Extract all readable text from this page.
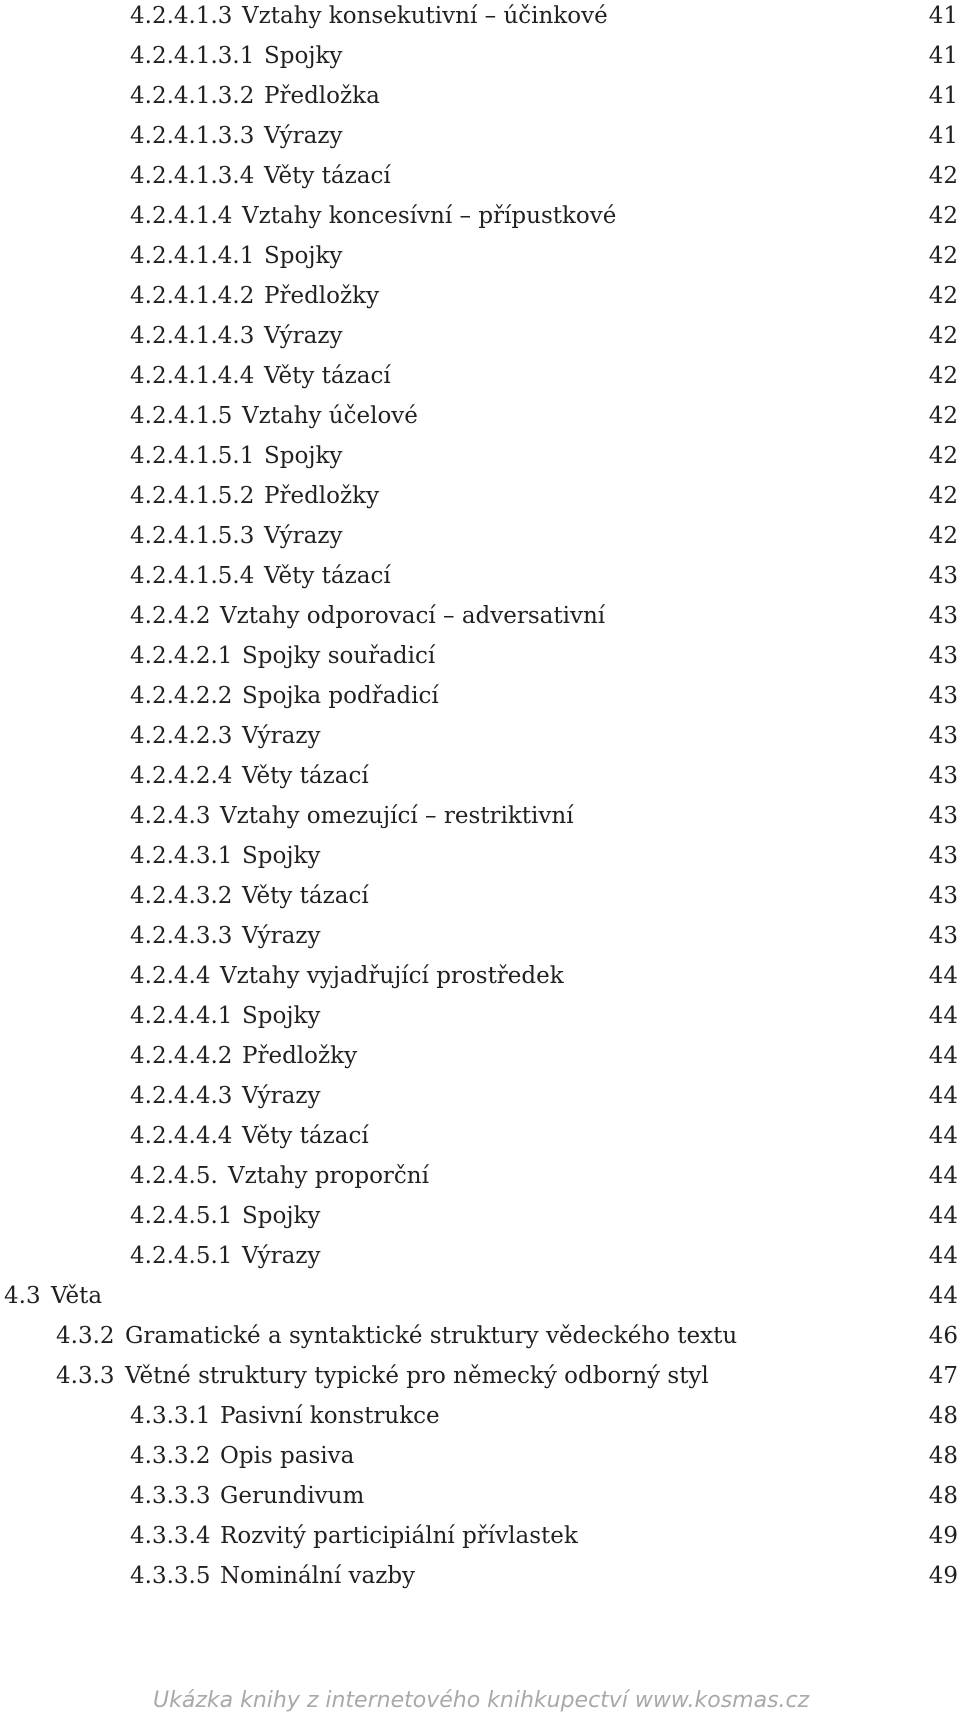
4.2.4.1.3 Vztahy konsekutivní – účinkové	41
4.2.4.1.3.1 Spojky	41
4.2.4.1.3.2 Předložka	41
4.2.4.1.3.3 Výrazy	41
4.2.4.1.3.4 Věty tázací	42
4.2.4.1.4 Vztahy koncesívní – přípustkové	42
4.2.4.1.4.1 Spojky	42
4.2.4.1.4.2 Předložky	42
4.2.4.1.4.3 Výrazy	42
4.2.4.1.4.4 Věty tázací	42
4.2.4.1.5 Vztahy účelové	42
4.2.4.1.5.1 Spojky	42
4.2.4.1.5.2 Předložky	42
4.2.4.1.5.3 Výrazy	42
4.2.4.1.5.4 Věty tázací	43
4.2.4.2 Vztahy odporovací – adversativní	43
4.2.4.2.1 Spojky souřadicí	43
4.2.4.2.2 Spojka podřadicí	43
4.2.4.2.3 Výrazy	43
4.2.4.2.4 Věty tázací	43
4.2.4.3 Vztahy omezující – restriktivní	43
4.2.4.3.1 Spojky	43
4.2.4.3.2 Věty tázací	43
4.2.4.3.3 Výrazy	43
4.2.4.4 Vztahy vyjadřující prostředek	44
4.2.4.4.1 Spojky	44
4.2.4.4.2 Předložky	44
4.2.4.4.3 Výrazy	44
4.2.4.4.4 Věty tázací	44
4.2.4.5. Vztahy proporční	44
4.2.4.5.1 Spojky	44
4.2.4.5.1 Výrazy	44
4.3 Věta	44
4.3.2 Gramatické a syntaktické struktury vědeckého textu	46
4.3.3 Větné struktury typické pro německý odborný styl	47
4.3.3.1 Pasivní konstrukce	48
4.3.3.2 Opis pasiva	48
4.3.3.3 Gerundivum	48
4.3.3.4 Rozvitý participiální přívlastek	49
4.3.3.5 Nominální vazby	49
Ukázka knihy z internetového knihkupectví www.kosmas.cz
